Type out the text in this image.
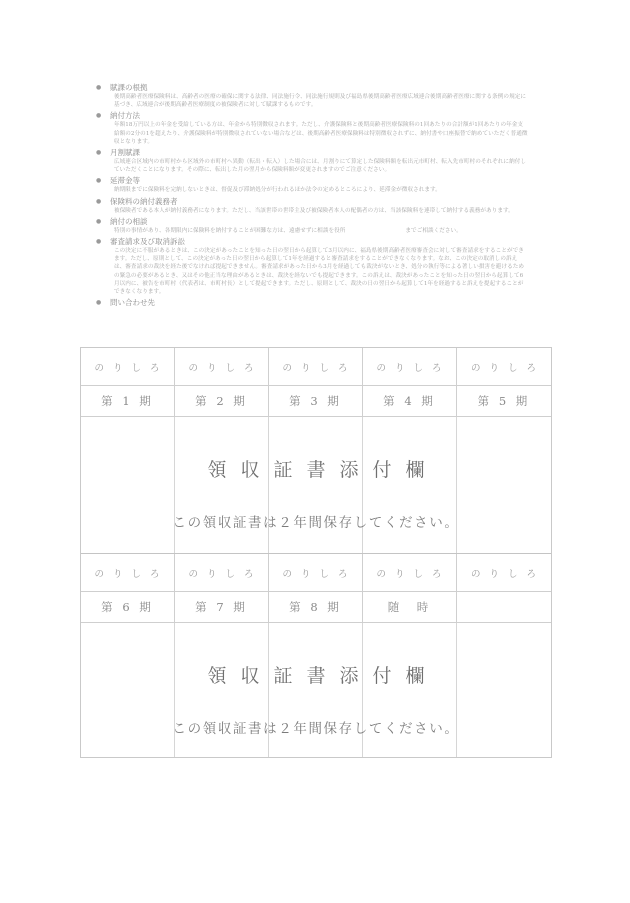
●	賦課の根拠
後期高齢者医療保険料は、高齢者の医療の確保に関する法律、同法施行令、同法施行規則及び福島県後期高齢者医療広域連合後期高齢者医療に関する条例の規定に基づき、広域連合が後期高齢者医療制度の被保険者に対して賦課するものです。
●	納付方法
年額18万円以上の年金を受給している方は、年金から特別徴収されます。ただし、介護保険料と後期高齢者医療保険料の1回あたりの合計額が1回あたりの年金支給額の2分の1を超えたり、介護保険料が特別徴収されていない場合などは、後期高齢者医療保険料は特別徴収されずに、納付書や口座振替で納めていただく普通徴収となります。
●	月割賦課
広域連合区域内の市町村から区域外の市町村へ異動（転出・転入）した場合には、月割りにて算定した保険料額を転出元市町村、転入先市町村のそれぞれに納付していただくことになります。その際に、転出した月の翌月から保険料額が変更されますのでご注意ください。
●	延滞金等
納期限までに保険料を完納しないときは、督促及び滞納処分が行われるほか法令の定めるところにより、延滞金が徴収されます。
●	保険料の納付義務者
被保険者である本人が納付義務者になります。ただし、当該世帯の世帯主及び被保険者本人の配偶者の方は、当該保険料を連帯して納付する義務があります。
●	納付の相談
特別の事情があり、各期限内に保険料を納付することが困難な方は、遠慮せずに相談を役所	までご相談ください。
●	審査請求及び取消訴訟
この決定に不服があるときは、この決定があったことを知った日の翌日から起算して3月以内に、福島県後期高齢者医療審査会に対して審査請求をすることができます。ただし、原則として、この決定があった日の翌日から起算して1年を経過すると審査請求をすることができなくなります。なお、この決定の取消しの訴えは、審査請求の裁決を経た後でなければ提起できません。審査請求があった日から3月を経過しても裁決がないとき、処分の執行等による著しい損害を避けるための緊急の必要があるとき、又はその他正当な理由があるときは、裁決を経ないでも提起できます。この訴えは、裁決があったことを知った日の翌日から起算して6月以内に、被告を市町村（代表者は、市町村長）として提起できます。ただし、原則として、裁決の日の翌日から起算して1年を経過すると訴えを提起することができなくなります。
●	問い合わせ先
のりしろ	のりしろ	のりしろ	のりしろ	のりしろ
第 1 期	第 2 期	第 3 期	第 4 期	第 5 期
領収証書添付欄
この領収証書は２年間保存してください。
のりしろ	のりしろ	のりしろ	のりしろ	のりしろ
第 6 期	第 7 期	第 8 期	随　時
領収証書添付欄
この領収証書は２年間保存してください。
